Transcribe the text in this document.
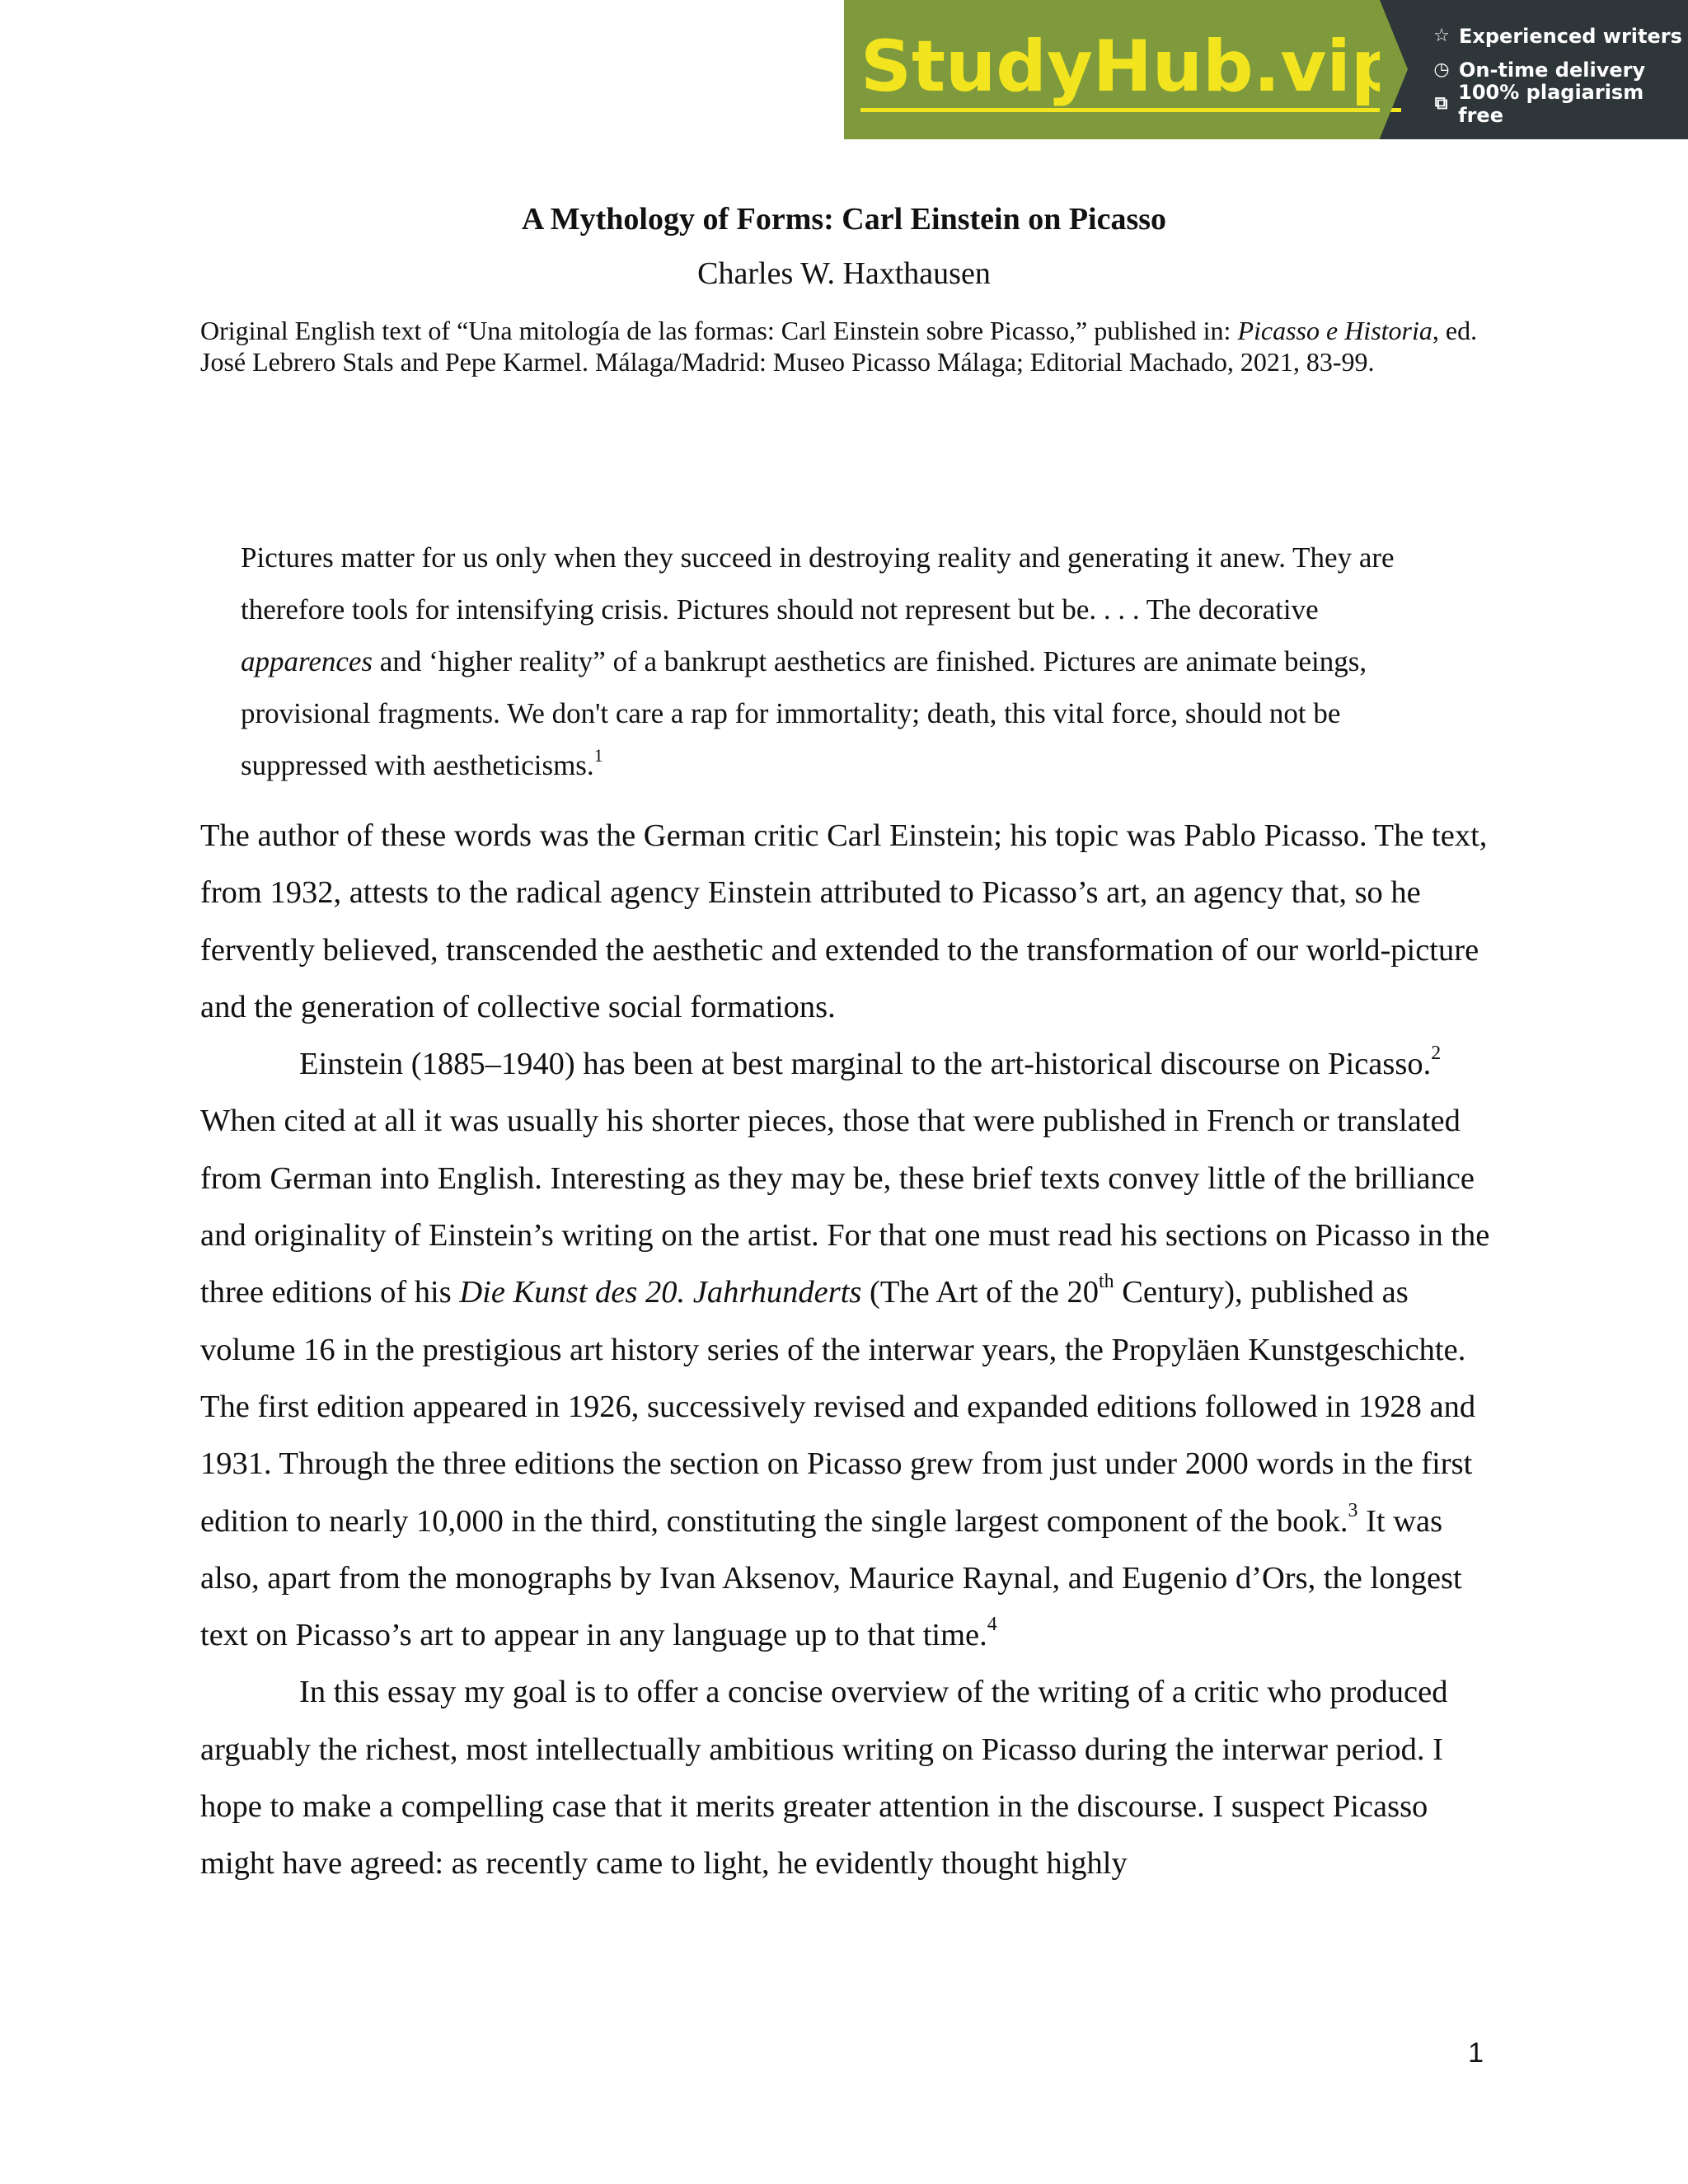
StudyHub.vip ☆ Experienced writers
◷ On-time delivery
⧉ 100% plagiarism free
A Mythology of Forms: Carl Einstein on Picasso
Charles W. Haxthausen
Original English text of “Una mitología de las formas: Carl Einstein sobre Picasso,” published in: Picasso e Historia, ed. José Lebrero Stals and Pepe Karmel. Málaga/Madrid: Museo Picasso Málaga; Editorial Machado, 2021, 83-99.
Pictures matter for us only when they succeed in destroying reality and generating it anew. They are therefore tools for intensifying crisis. Pictures should not represent but be. . . . The decorative apparences and ‘higher reality” of a bankrupt aesthetics are finished. Pictures are animate beings, provisional fragments. We don't care a rap for immortality; death, this vital force, should not be suppressed with aestheticisms.$^1$

The author of these words was the German critic Carl Einstein; his topic was Pablo Picasso. The text, from 1932, attests to the radical agency Einstein attributed to Picasso’s art, an agency that, so he fervently believed, transcended the aesthetic and extended to the transformation of our world-picture and the generation of collective social formations.

Einstein (1885–1940) has been at best marginal to the art-historical discourse on Picasso.$^2$ When cited at all it was usually his shorter pieces, those that were published in French or translated from German into English. Interesting as they may be, these brief texts convey little of the brilliance and originality of Einstein’s writing on the artist. For that one must read his sections on Picasso in the three editions of his Die Kunst des 20. Jahrhunderts (The Art of the 20th Century), published as volume 16 in the prestigious art history series of the interwar years, the Propyläen Kunstgeschichte. The first edition appeared in 1926, successively revised and expanded editions followed in 1928 and 1931. Through the three editions the section on Picasso grew from just under 2000 words in the first edition to nearly 10,000 in the third, constituting the single largest component of the book.$^3$ It was also, apart from the monographs by Ivan Aksenov, Maurice Raynal, and Eugenio d’Ors, the longest text on Picasso’s art to appear in any language up to that time.$^4$

In this essay my goal is to offer a concise overview of the writing of a critic who produced arguably the richest, most intellectually ambitious writing on Picasso during the interwar period. I hope to make a compelling case that it merits greater attention in the discourse. I suspect Picasso might have agreed: as recently came to light, he evidently thought highly

1
